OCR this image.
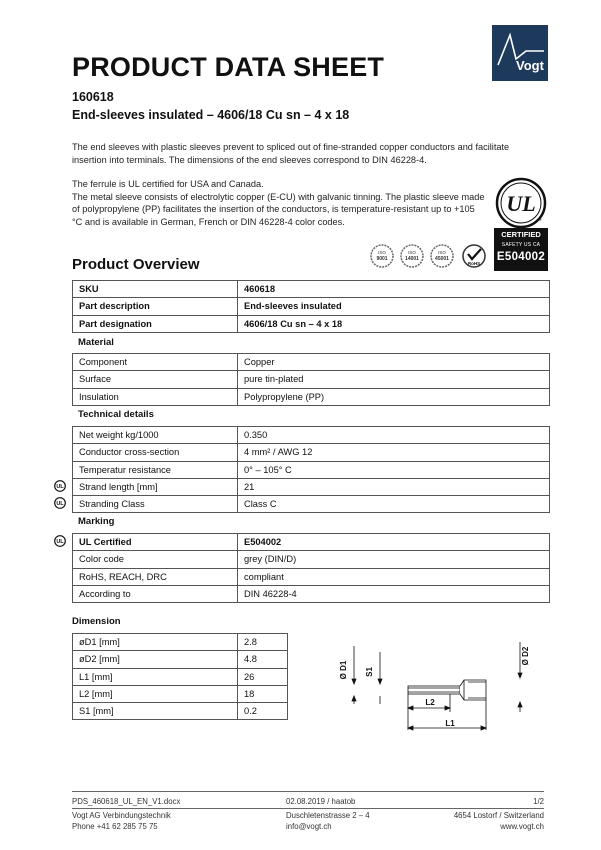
Vogt
PRODUCT DATA SHEET
160618
End-sleeves insulated – 4606/18 Cu sn – 4 x 18

The end sleeves with plastic sleeves prevent to spliced out of fine-stranded copper conductors and facilitate insertion into terminals. The dimensions of the end sleeves correspond to DIN 46228-4.

The ferrule is UL certified for USA and Canada.

The metal sleeve consists of electrolytic copper (E-CU) with galvanic tinning. The plastic sleeve made of polypropylene (PP) facilitates the insertion of the conductors, is temperature-resistant up to +105 °C and is available in German, French or DIN 46228-4 color codes.

UL
®
CERTIFIED
SAFETY US CA
E504002
ISO
9001
ISO
14001
ISO
45001
RoHS
Product Overview
SKU	460618
Part description	End-sleeves insulated
Part designation	4606/18 Cu sn – 4 x 18
Material
Component	Copper
Surface	pure tin-plated
Insulation	Polypropylene (PP)
Technical details
Net weight kg/1000	0.350
Conductor cross-section	4 mm² / AWG 12
Temperatur resistance	0° – 105° C
Strand length [mm]	21
Stranding Class	Class C
UL
UL
UL
Marking
UL Certified	E504002
Color code	grey (DIN/D)
RoHS, REACH, DRC	compliant
According to	DIN 46228-4
Dimension
øD1 [mm]	2.8
øD2 [mm]	4.8
L1 [mm]	26
L2 [mm]	18
S1 [mm]	0.2
Ø D1 S1
Ø D2
L2
L1
PDS_460618_UL_EN_V1.docx	02.08.2019 / haatob	1/2
Vogt AG Verbindungstechnik	Duschletenstrasse 2 – 4	4654 Lostorf / Switzerland
Phone +41 62 285 75 75	info@vogt.ch	www.vogt.ch
